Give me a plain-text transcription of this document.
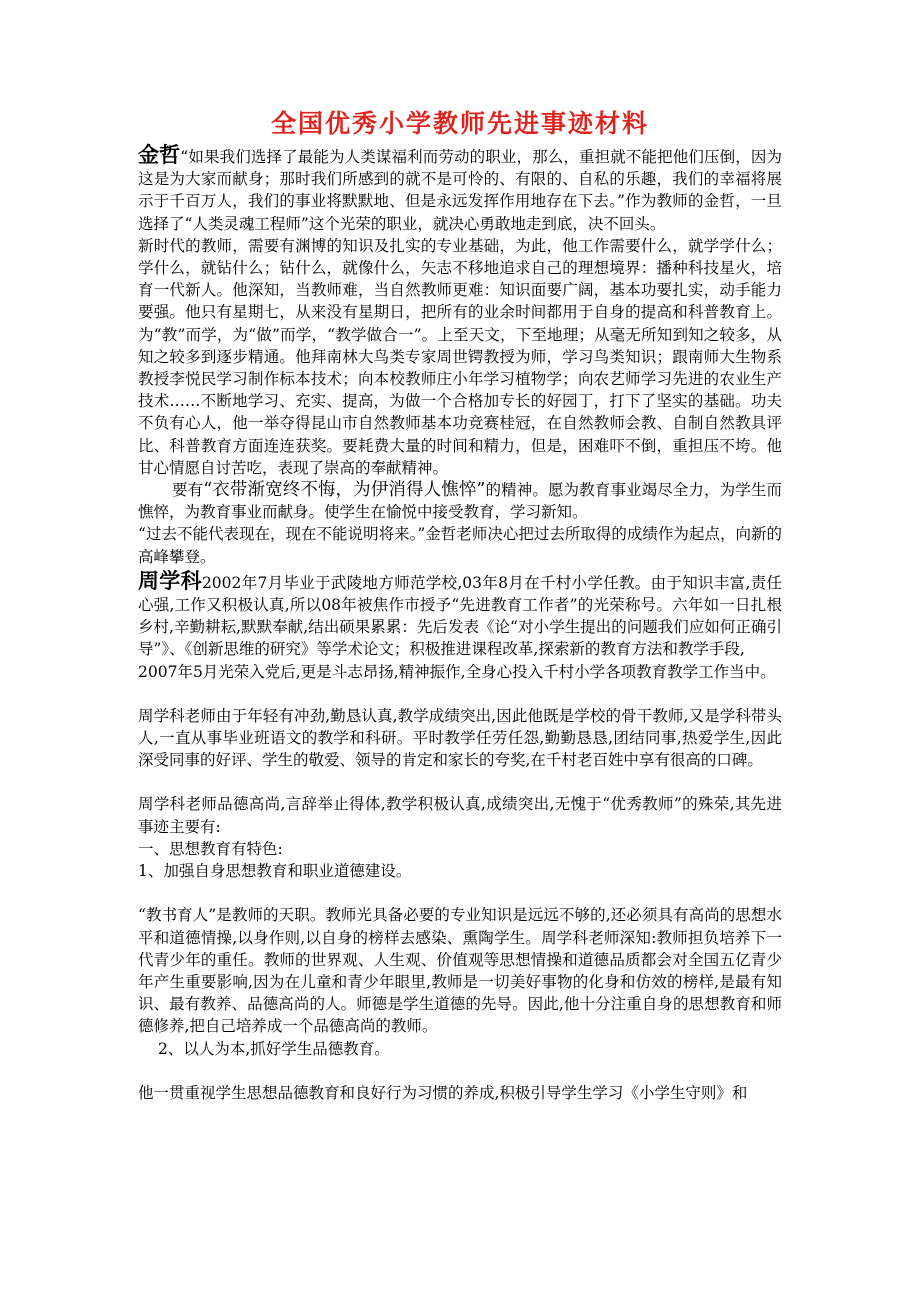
全国优秀小学教师先进事迹材料

金哲“如果我们选择了最能为人类谋福利而劳动的职业，那么，重担就不能把他们压倒，因为这是为大家而献身；那时我们所感到的就不是可怜的、有限的、自私的乐趣，我们的幸福将展示于千百万人，我们的事业将默默地、但是永远发挥作用地存在下去。”作为教师的金哲，一旦选择了“人类灵魂工程师”这个光荣的职业，就决心勇敢地走到底，决不回头。

新时代的教师，需要有渊博的知识及扎实的专业基础，为此，他工作需要什么，就学学什么；学什么，就钻什么；钻什么，就像什么，矢志不移地追求自己的理想境界：播种科技星火，培育一代新人。他深知，当教师难，当自然教师更难：知识面要广阔，基本功要扎实，动手能力要强。他只有星期七，从来没有星期日，把所有的业余时间都用于自身的提高和科普教育上。为“教”而学，为“做”而学，“教学做合一”。上至天文，下至地理；从毫无所知到知之较多，从知之较多到逐步精通。他拜南林大鸟类专家周世锷教授为师，学习鸟类知识；跟南师大生物系教授李悦民学习制作标本技术；向本校教师庄小年学习植物学；向农艺师学习先进的农业生产技术……不断地学习、充实、提高，为做一个合格加专长的好园丁，打下了坚实的基础。功夫不负有心人，他一举夺得昆山市自然教师基本功竞赛桂冠，在自然教师会教、自制自然教具评比、科普教育方面连连获奖。要耗费大量的时间和精力，但是，困难吓不倒，重担压不垮。他甘心情愿自讨苦吃，表现了崇高的奉献精神。

要有“衣带渐宽终不悔，为伊消得人憔悴”的精神。愿为教育事业竭尽全力，为学生而憔悴，为教育事业而献身。使学生在愉悦中接受教育，学习新知。

“过去不能代表现在，现在不能说明将来。”金哲老师决心把过去所取得的成绩作为起点，向新的高峰攀登。

周学科2002年7月毕业于武陵地方师范学校,03年8月在千村小学任教。由于知识丰富,责任心强,工作又积极认真,所以08年被焦作市授予“先进教育工作者”的光荣称号。六年如一日扎根乡村,辛勤耕耘,默默奉献,结出硕果累累：先后发表《论“对小学生提出的问题我们应如何正确引导”》、《创新思维的研究》等学术论文；积极推进课程改革,探索新的教育方法和教学手段,

2007年5月光荣入党后,更是斗志昂扬,精神振作,全身心投入千村小学各项教育教学工作当中。

周学科老师由于年轻有冲劲,勤恳认真,教学成绩突出,因此他既是学校的骨干教师,又是学科带头人,一直从事毕业班语文的教学和科研。平时教学任劳任怨,勤勤恳恳,团结同事,热爱学生,因此深受同事的好评、学生的敬爱、领导的肯定和家长的夸奖,在千村老百姓中享有很高的口碑。

周学科老师品德高尚,言辞举止得体,教学积极认真,成绩突出,无愧于“优秀教师”的殊荣,其先进事迹主要有:

一、思想教育有特色:

1、加强自身思想教育和职业道德建设。

“教书育人”是教师的天职。教师光具备必要的专业知识是远远不够的,还必须具有高尚的思想水平和道德情操,以身作则,以自身的榜样去感染、熏陶学生。周学科老师深知:教师担负培养下一代青少年的重任。教师的世界观、人生观、价值观等思想情操和道德品质都会对全国五亿青少年产生重要影响,因为在儿童和青少年眼里,教师是一切美好事物的化身和仿效的榜样,是最有知识、最有教养、品德高尚的人。师德是学生道德的先导。因此,他十分注重自身的思想教育和师德修养,把自己培养成一个品德高尚的教师。

2、以人为本,抓好学生品德教育。

他一贯重视学生思想品德教育和良好行为习惯的养成,积极引导学生学习《小学生守则》和
